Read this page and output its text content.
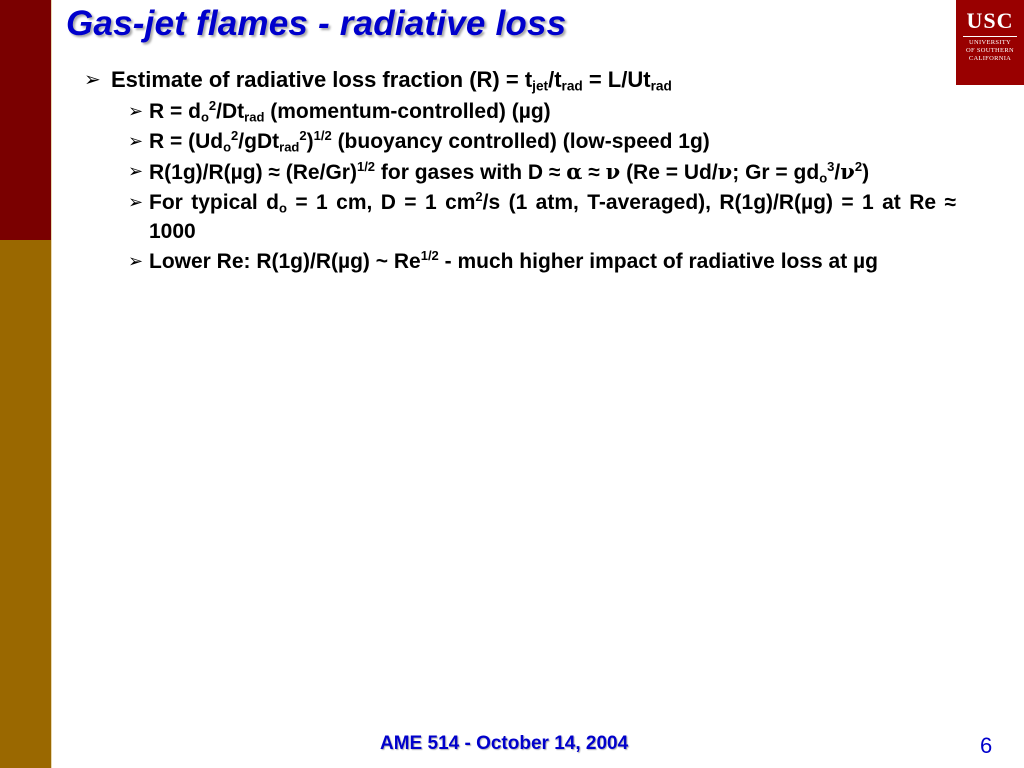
Gas-jet flames - radiative loss	USC
UNIVERSITY
OF SOUTHERN
CALIFORNIA
➢ Estimate of radiative loss fraction $(R) = t_{jet}/t_{rad} = L/Ut_{rad}$
➢ $R = d_o^2/Dt_{rad}$ (momentum-controlled) (µg)
➢ $R = (Ud_o^2/gDt_{rad}^2)^{1/2}$ (buoyancy controlled) (low-speed 1g)
➢ $R(1g)/R(\mu g) \approx (Re/Gr)^{1/2}$ for gases with D ≈ α ≈ ν (Re = Ud/ν; $Gr = gd_o^3/\nu^2$)
➢ For typical $d_o = 1$ cm, D = 1 $cm^2/s$ (1 atm, T-averaged), R(1g)/R(µg) = 1 at Re ≈ 1000
➢ Lower Re: R(1g)/R(µg) ~ $Re^{1/2}$ - much higher impact of radiative loss at µg

AME 514 - October 14, 2004	6
